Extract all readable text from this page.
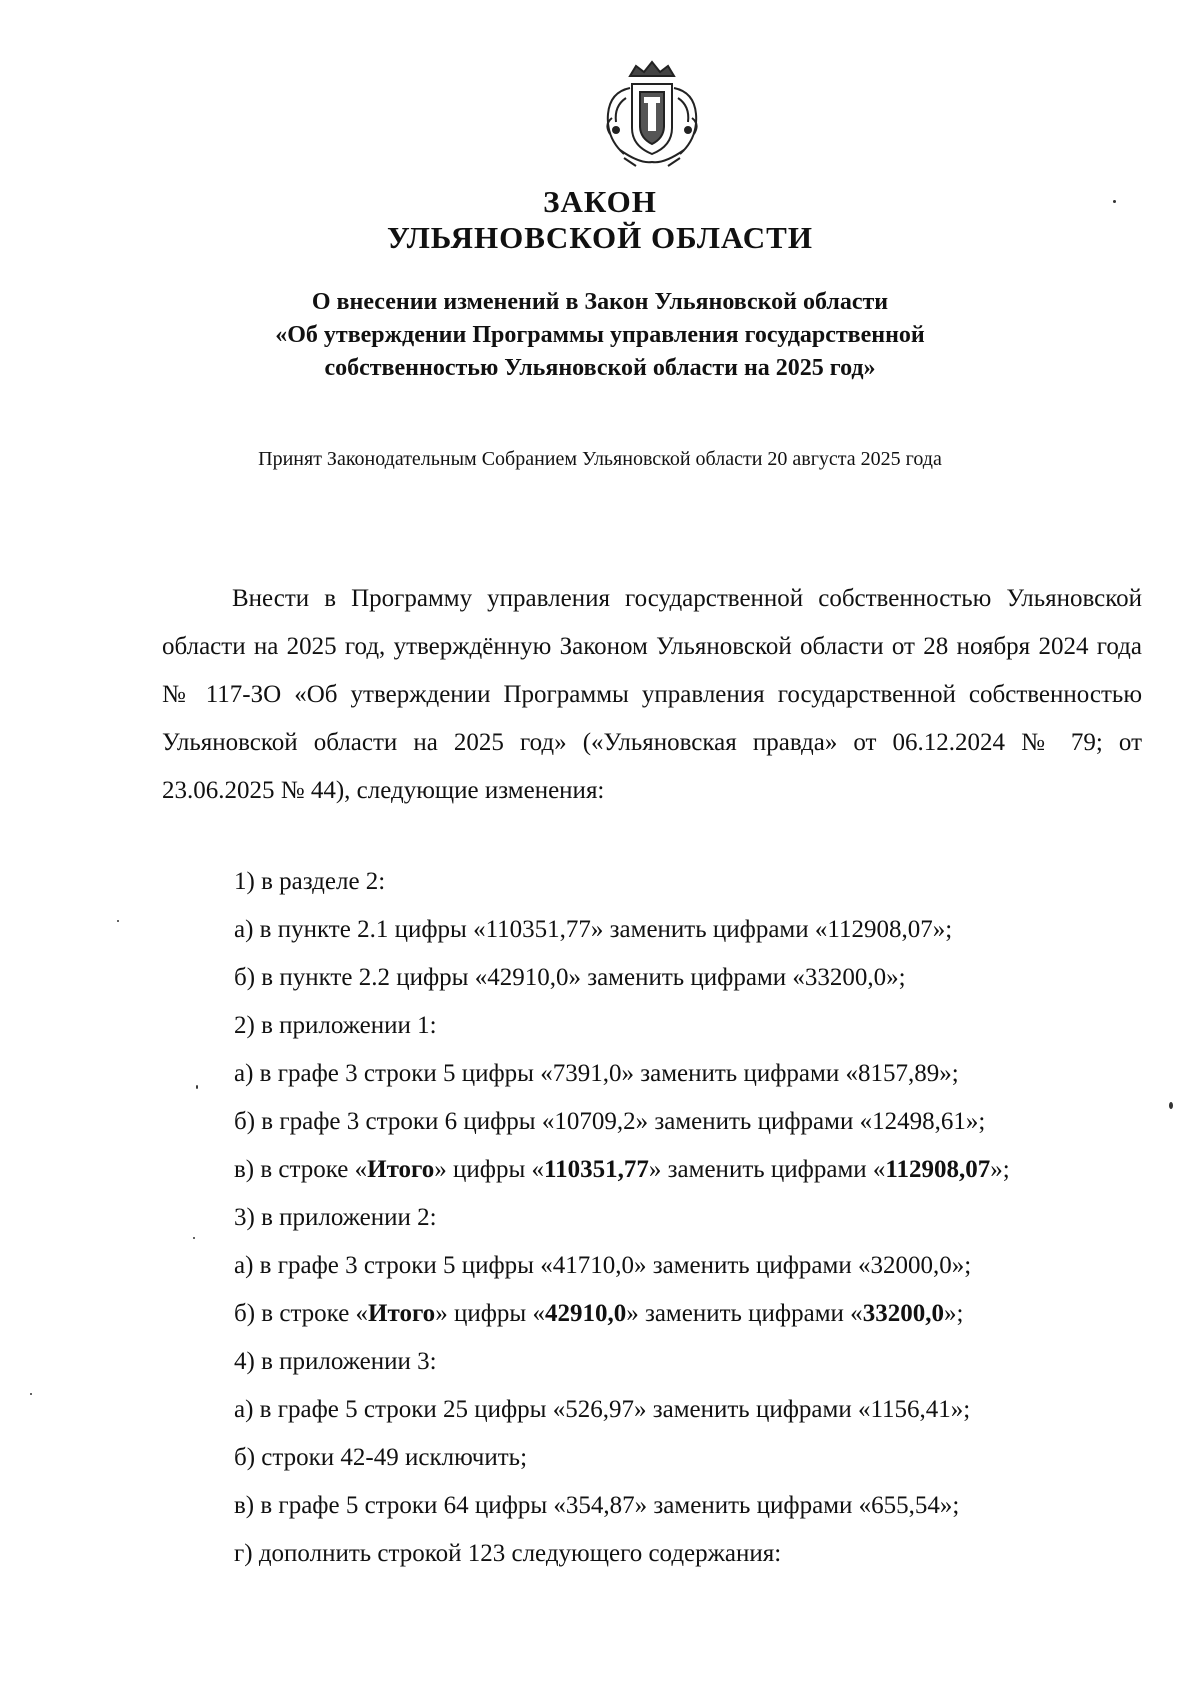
ЗАКОН
УЛЬЯНОВСКОЙ ОБЛАСТИ
О внесении изменений в Закон Ульяновской области
«Об утверждении Программы управления государственной
собственностью Ульяновской области на 2025 год»
Принят Законодательным Собранием Ульяновской области 20 августа 2025 года

Внести в Программу управления государственной собственностью Ульяновской области на 2025 год, утверждённую Законом Ульяновской области от 28 ноября 2024 года № 117-ЗО «Об утверждении Программы управления государственной собственностью Ульяновской области на 2025 год» («Ульяновская правда» от 06.12.2024 № 79; от 23.06.2025 № 44), следующие изменения:

1) в разделе 2:
а) в пункте 2.1 цифры «110351,77» заменить цифрами «112908,07»;
б) в пункте 2.2 цифры «42910,0» заменить цифрами «33200,0»;
2) в приложении 1:
а) в графе 3 строки 5 цифры «7391,0» заменить цифрами «8157,89»;
б) в графе 3 строки 6 цифры «10709,2» заменить цифрами «12498,61»;
в) в строке «Итого» цифры «110351,77» заменить цифрами «112908,07»;
3) в приложении 2:
а) в графе 3 строки 5 цифры «41710,0» заменить цифрами «32000,0»;
б) в строке «Итого» цифры «42910,0» заменить цифрами «33200,0»;
4) в приложении 3:
а) в графе 5 строки 25 цифры «526,97» заменить цифрами «1156,41»;
б) строки 42-49 исключить;
в) в графе 5 строки 64 цифры «354,87» заменить цифрами «655,54»;
г) дополнить строкой 123 следующего содержания:
